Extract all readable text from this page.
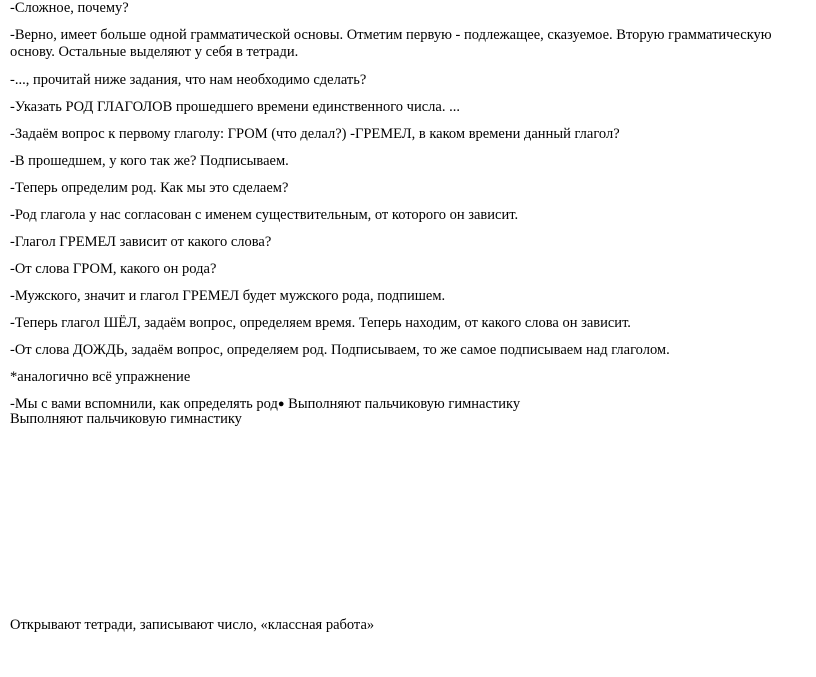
-Сложное, почему?
-Верно, имеет больше одной грамматической основы. Отметим первую - подлежащее, сказуемое. Вторую грамматическую основу. Остальные выделяют у себя в тетради.
-..., прочитай ниже задания, что нам необходимо сделать?
-Указать РОД ГЛАГОЛОВ прошедшего времени единственного числа. ...
-Задаём вопрос к первому глаголу: ГРОМ (что делал?) -ГРЕМЕЛ, в каком времени данный глагол?
-В прошедшем, у кого так же? Подписываем.
-Теперь определим род. Как мы это сделаем?
-Род глагола у нас согласован с именем существительным, от которого он зависит.
-Глагол ГРЕМЕЛ зависит от какого слова?
-От слова ГРОМ, какого он рода?
-Мужского, значит и глагол ГРЕМЕЛ будет мужского рода, подпишем.
-Теперь глагол ШЁЛ, задаём вопрос, определяем время. Теперь находим, от какого слова он зависит.
-От слова ДОЖДЬ, задаём вопрос, определяем род. Подписываем, то же самое подписываем над глаголом.
*аналогично всё упражнение
-Мы с вами вспомнили, как определять род● Выполняют пальчиковую гимнастику
Выполняют пальчиковую гимнастику
Открывают тетради, записывают число, «классная работа»
